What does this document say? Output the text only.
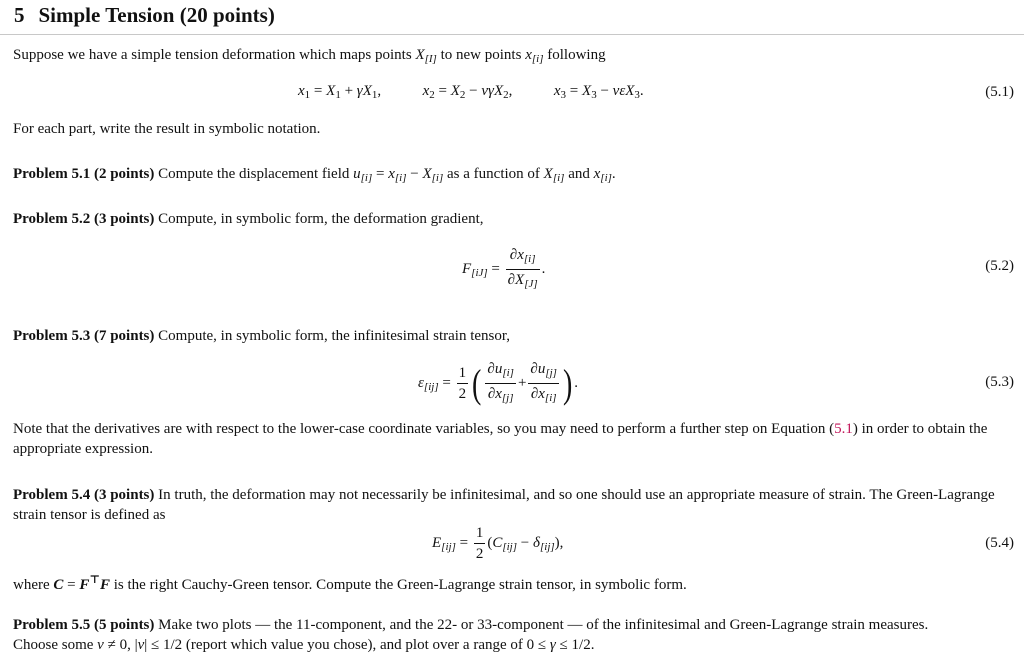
5 Simple Tension (20 points)

Suppose we have a simple tension deformation which maps points $X_{[I]}$ to new points $x_{[i]}$ following

$x_1 = X_1 + \gamma X_1$,	$x_2 = X_2 - \nu\gamma X_2$,	$x_3 = X_3 - \nu\varepsilon X_3$.	(5.1)

For each part, write the result in symbolic notation.

Problem 5.1 (2 points) Compute the displacement field $u_{[i]} = x_{[i]} - X_{[i]}$ as a function of $X_{[i]}$ and $x_{[i]}$.

Problem 5.2 (3 points) Compute, in symbolic form, the deformation gradient,

$F_{[iJ]} = \frac{\partial x_{[i]}}{\partial X_{[J]}}$ .	(5.2)

Problem 5.3 (7 points) Compute, in symbolic form, the infinitesimal strain tensor,

$\varepsilon_{[ij]} = \frac{1}{2}$ ( $\frac{\partial u_{[i]}}{\partial x_{[j]}} + \frac{\partial u_{[j]}}{\partial x_{[i]}}$ ) .	(5.3)

Note that the derivatives are with respect to the lower-case coordinate variables, so you may need to perform a further step on Equation (5.1) in order to obtain the appropriate expression.

Problem 5.4 (3 points) In truth, the deformation may not necessarily be infinitesimal, and so one should use an appropriate measure of strain. The Green-Lagrange strain tensor is defined as

$E_{[ij]} = \frac{1}{2} (C_{[ij]} - \delta_{[ij]})$,	(5.4)

where C = F⊤F is the right Cauchy-Green tensor. Compute the Green-Lagrange strain tensor, in symbolic form.

Problem 5.5 (5 points) Make two plots — the 11-component, and the 22- or 33-component — of the infinitesimal and Green-Lagrange strain measures.

Choose some ν ≠ 0, |ν| ≤ 1/2 (report which value you chose), and plot over a range of 0 ≤ γ ≤ 1/2.
